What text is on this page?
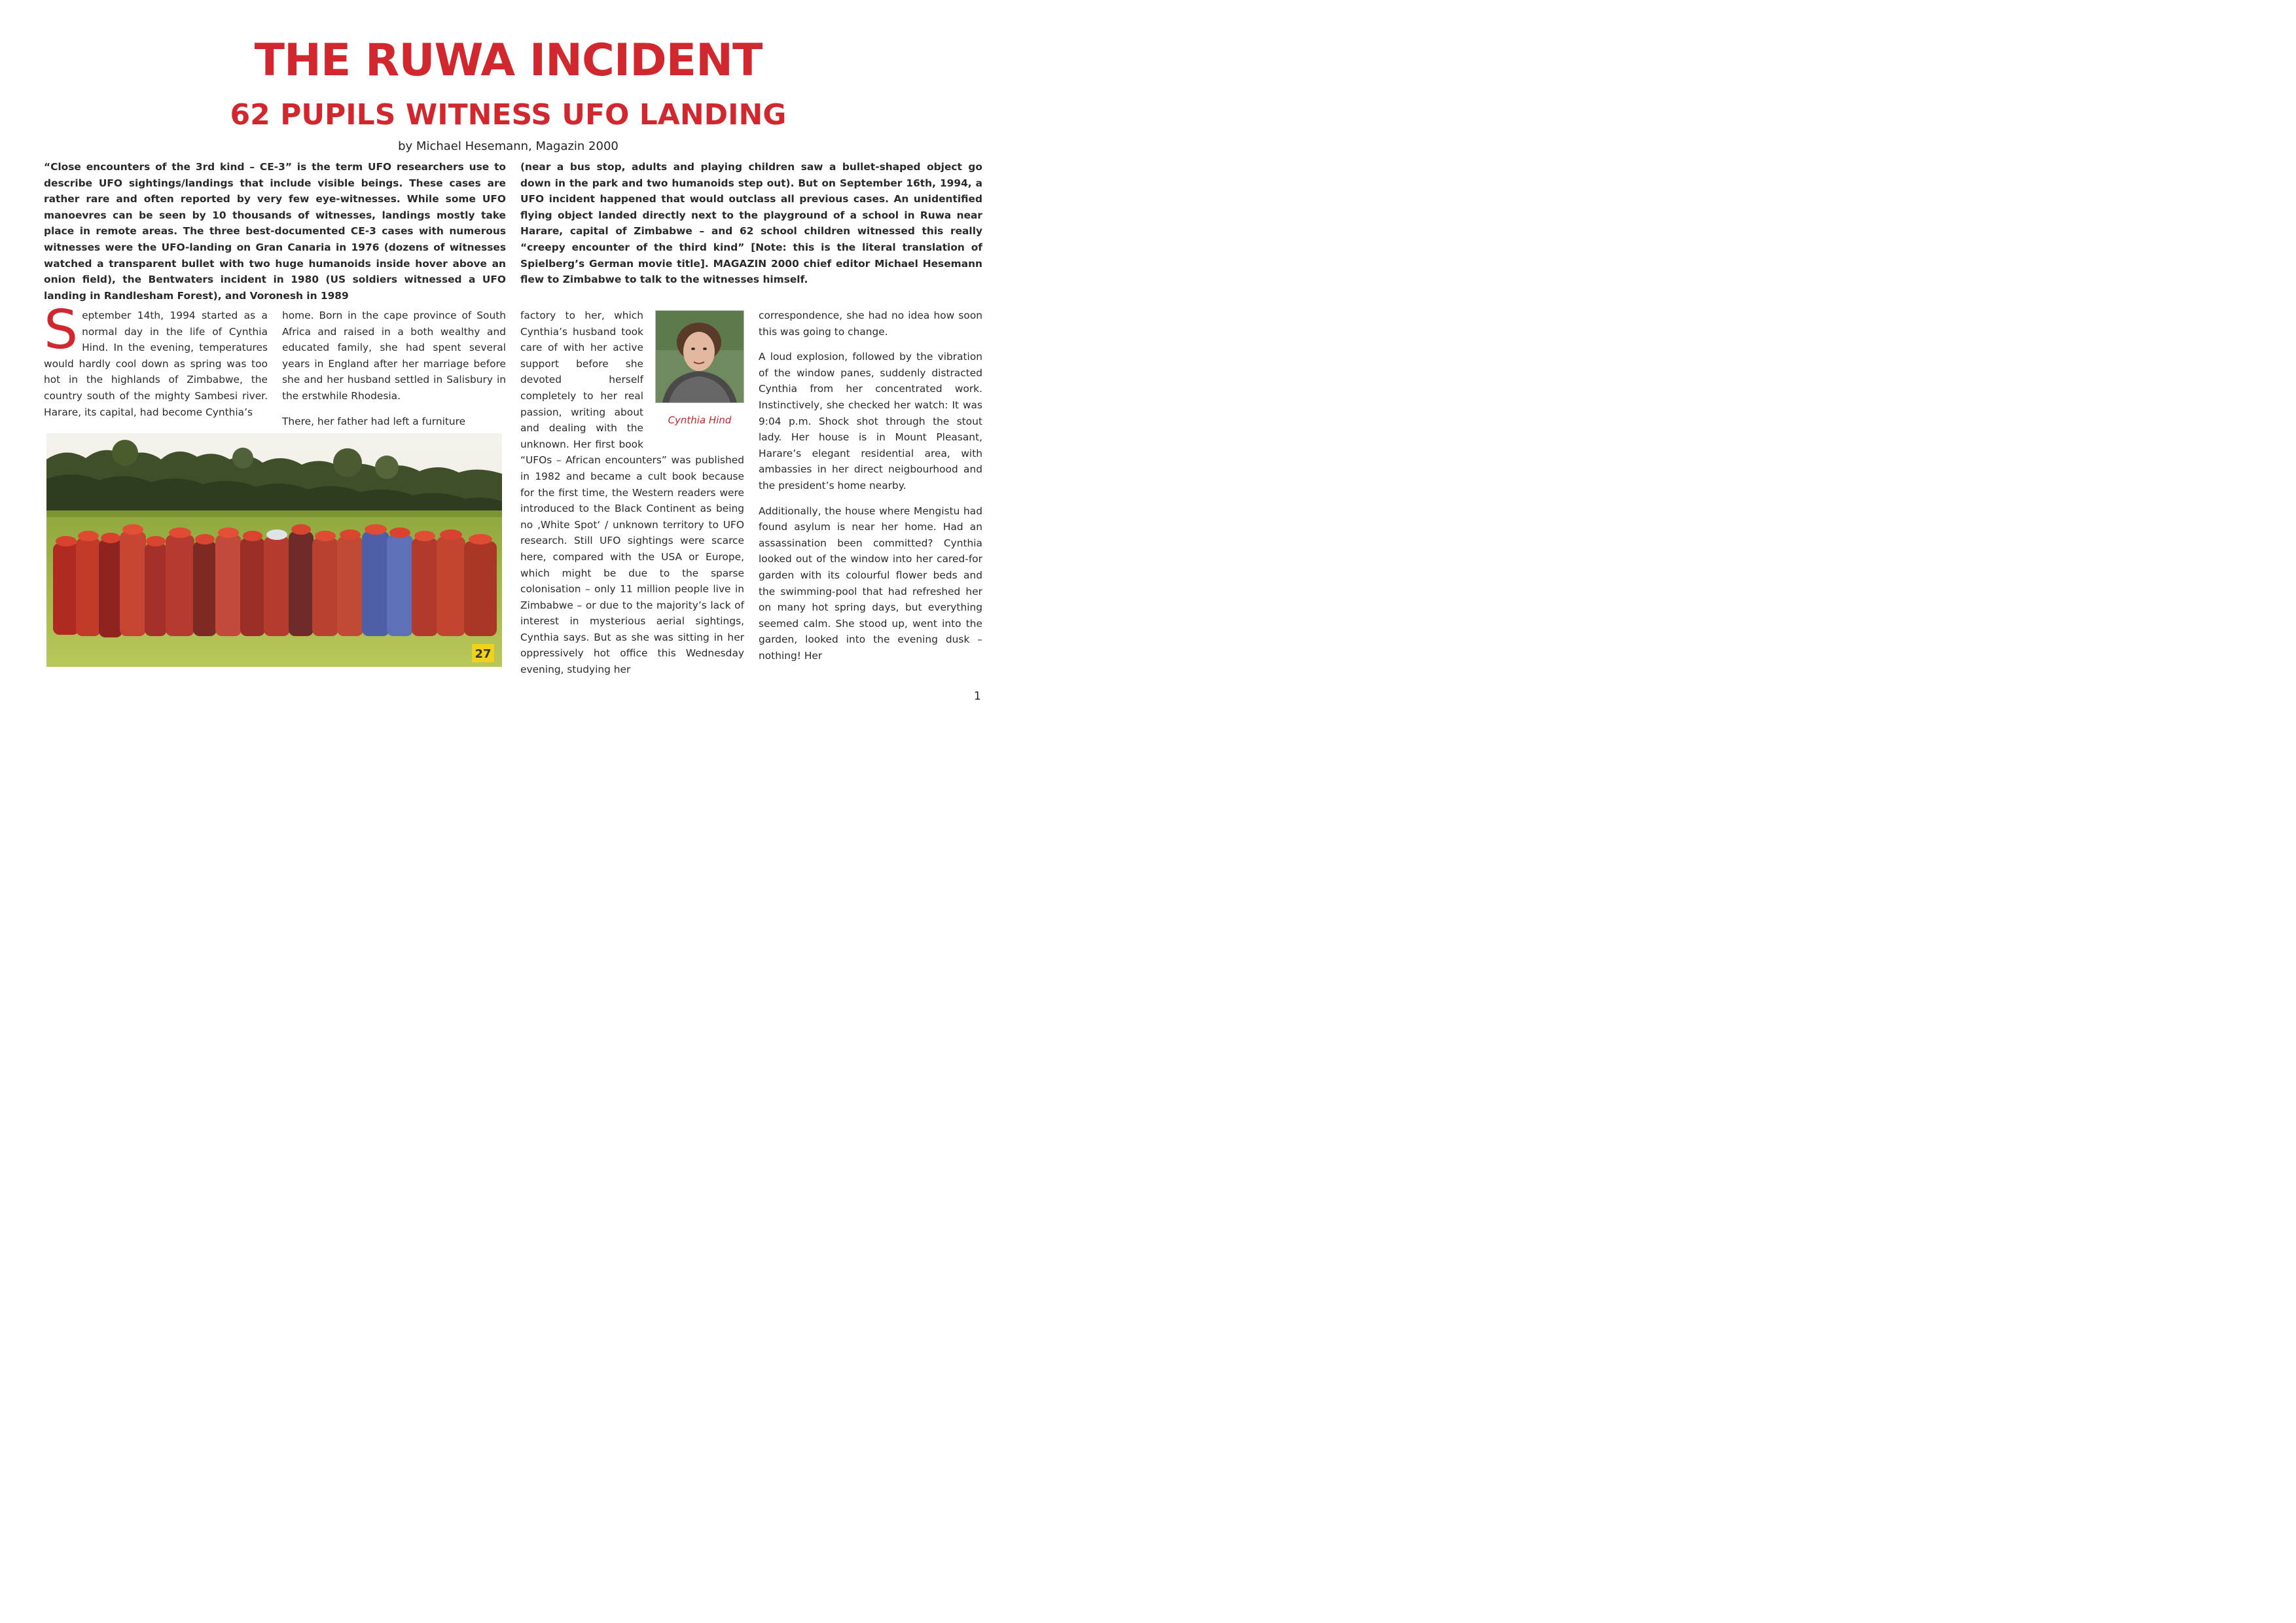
THE RUWA INCIDENT
62 PUPILS WITNESS UFO LANDING
by Michael Hesemann, Magazin 2000
“Close encounters of the 3rd kind – CE-3” is the term UFO researchers use to describe UFO sightings/landings that include visible beings. These cases are rather rare and often reported by very few eye-witnesses. While some UFO manoevres can be seen by 10 thousands of witnesses, landings mostly take place in remote areas. The three best-documented CE-3 cases with numerous witnesses were the UFO-landing on Gran Canaria in 1976 (dozens of witnesses watched a transparent bullet with two huge humanoids inside hover above an onion field), the Bentwaters incident in 1980 (US soldiers witnessed a UFO landing in Randlesham Forest), and Voronesh in 1989
(near a bus stop, adults and playing children saw a bullet-shaped object go down in the park and two humanoids step out). But on September 16th, 1994, a UFO incident happened that would outclass all previous cases. An unidentified flying object landed directly next to the playground of a school in Ruwa near Harare, capital of Zimbabwe – and 62 school children witnessed this really “creepy encounter of the third kind” [Note: this is the literal translation of Spielberg’s German movie title]. MAGAZIN 2000 chief editor Michael Hesemann flew to Zimbabwe to talk to the witnesses himself.
S eptember 14th, 1994 started as a normal day in the life of Cynthia Hind. In the evening, temperatures would hardly cool down as spring was too hot in the highlands of Zimbabwe, the country south of the mighty Sambesi river. Harare, its capital, had become Cynthia’s

home. Born in the cape province of South Africa and raised in a both wealthy and educated family, she had spent several years in England after her marriage before she and her husband settled in Salisbury in the erstwhile Rhodesia.

There, her father had left a furniture

27
Cynthia Hind
factory to her, which Cynthia’s husband took care of with her active support before she devoted herself completely to her real passion, writing about and dealing with the unknown. Her first book “UFOs – African encounters” was published in 1982 and became a cult book because for the first time, the Western readers were introduced to the Black Continent as being no ‚White Spot‘ / unknown territory to UFO research. Still UFO sightings were scarce here, compared with the USA or Europe, which might be due to the sparse colonisation – only 11 million people live in Zimbabwe – or due to the majority’s lack of interest in mysterious aerial sightings, Cynthia says. But as she was sitting in her oppressively hot office this Wednesday evening, studying her

correspondence, she had no idea how soon this was going to change.

A loud explosion, followed by the vibration of the window panes, suddenly distracted Cynthia from her concentrated work. Instinctively, she checked her watch: It was 9:04 p.m. Shock shot through the stout lady. Her house is in Mount Pleasant, Harare’s elegant residential area, with ambassies in her direct neigbourhood and the president’s home nearby.

Additionally, the house where Mengistu had found asylum is near her home. Had an assassination been committed? Cynthia looked out of the window into her cared-for garden with its colourful flower beds and the swimming-pool that had refreshed her on many hot spring days, but everything seemed calm. She stood up, went into the garden, looked into the evening dusk – nothing! Her

1
